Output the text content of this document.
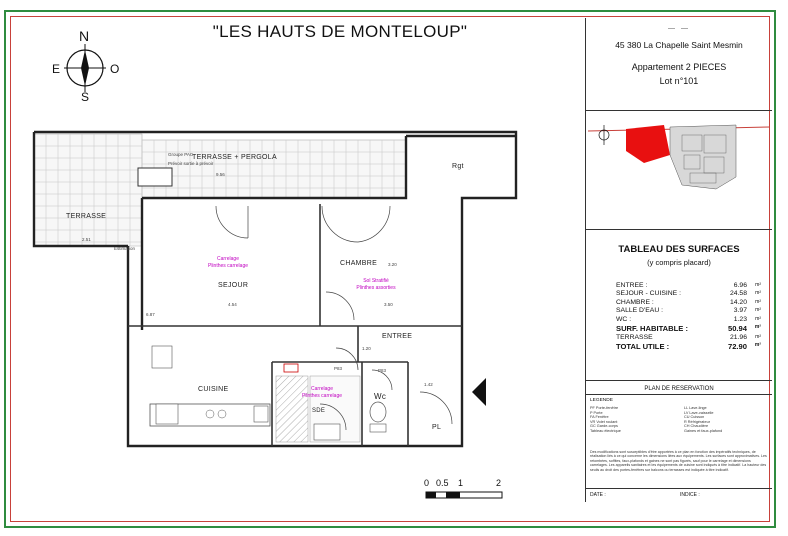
"LES HAUTS DE MONTELOUP"
N
S
E	O
TERRASSE + PERGOLA
TERRASSE
Rgt
SEJOUR
CHAMBRE
ENTREE
CUISINE
SDE
Wc
PL
Carrelage
Plinthes carrelage
Sol Stratifié
Plinthes assorties
Carrelage
Plinthes carrelage
Groupe PAC
Prévoir sortie à prévoir
Estimation
9.56
2.51
4.54
6.87
3.50
3.20
1.20
1.42
P83	P83
0 0.5 1	2
— —
45 380 La Chapelle Saint Mesmin
Appartement 2 PIECES
Lot n°101
TABLEAU DES SURFACES
(y compris placard)
ENTREE :	6.96 m²
SEJOUR - CUISINE :	24.58 m²
CHAMBRE :	14.20 m²
SALLE D'EAU :	3.97 m²
WC :	1.23 m²
SURF. HABITABLE :	50.94 m²
TERRASSE	21.96 m²
TOTAL UTILE :	72.90 m²
PLAN DE RESERVATION
LEGENDE
PF Porte-fenêtre
P Porte
FA Fenêtre
VR Volet roulant
GC Garde-corps
Tableau électrique
LL Lave-linge
LV Lave-vaisselle
CU Cuisson
R Réfrigérateur
CH Chaudière
Gaines et faux-plafond
Des modifications sont susceptibles d'être apportées à ce plan en fonction des impératifs techniques, de réalisation liés à ce qui concerne les dimensions liées aux équipements. Les surfaces sont approximatives. Les retombées, soffites, faux-plafonds et gaines ne sont pas figurés, sauf pour le carrelage et dimensions carrelages. Les appareils sanitaires et les équipements de cuisine sont indiqués à titre indicatif. La hauteur des seuils au droit des portes-fenêtres sur balcons ou terrasses est indiquée à titre indicatif.
DATE :	INDICE :
